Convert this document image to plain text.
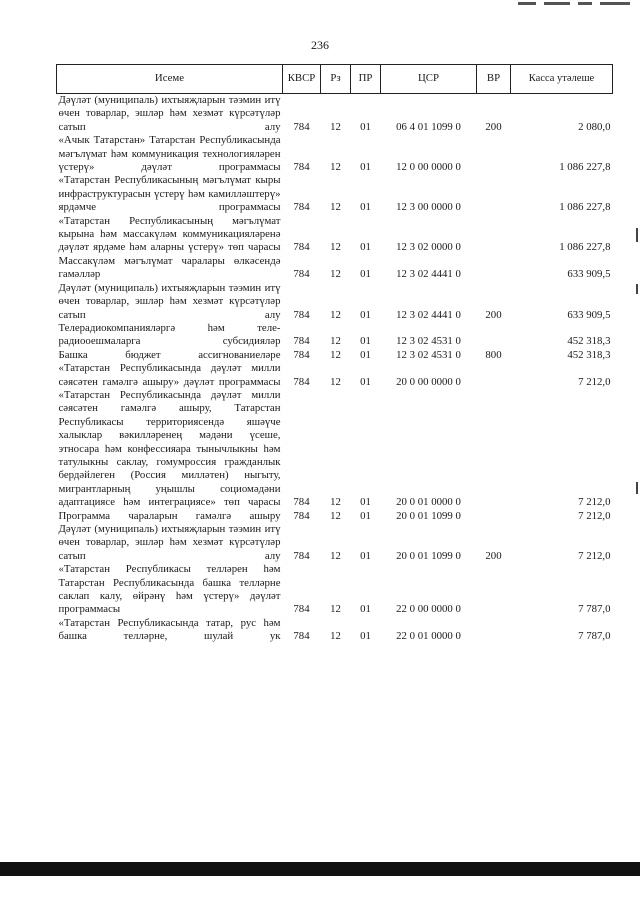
236
Исеме	КВСР	Рз	ПР	ЦСР	ВР	Касса утәлеше
Дәүләт (муниципаль) ихтыяҗларын тәэмин итү өчен товарлар, эшләр һәм хезмәт күрсәтүләр сатып алу	784	12	01	06 4 01 1099 0	200	2 080,0
«Ачык Татарстан» Татарстан Республикасында мәгълүмат һәм коммуникация технологияләрен үстерү» дәүләт программасы	784	12	01	12 0 00 0000 0		1 086 227,8
«Татарстан Республикасының мәгълүмат кыры инфраструктурасын үстерү һәм камилләштерү» ярдәмче программасы	784	12	01	12 3 00 0000 0		1 086 227,8
«Татарстан Республикасының мәгълүмат кырына һәм массакүләм коммуникацияләренә дәүләт ярдәме һәм аларны үстерү» төп чарасы	784	12	01	12 3 02 0000 0		1 086 227,8
Массакүләм мәгълүмат чаралары өлкәсендә гамәлләр	784	12	01	12 3 02 4441 0		633 909,5
Дәүләт (муниципаль) ихтыяҗларын тәэмин итү өчен товарлар, эшләр һәм хезмәт күрсәтүләр сатып алу	784	12	01	12 3 02 4441 0	200	633 909,5
Телерадиокомпанияләргә һәм теле-радиооешмаларга субсидияләр	784	12	01	12 3 02 4531 0		452 318,3
Башка бюджет ассигнованиеләре	784	12	01	12 3 02 4531 0	800	452 318,3
«Татарстан Республикасында дәүләт милли сәясәтен гамәлгә ашыру» дәүләт программасы	784	12	01	20 0 00 0000 0		7 212,0
«Татарстан Республикасында дәүләт милли сәясәтен гамәлгә ашыру, Татарстан Республикасы территориясендә яшәүче халыклар вәкилләренең мәдәни үсеше, этносара һәм конфессияара тынычлыкны һәм татулыкны саклау, гомумроссия гражданлык бердәйлеген (Россия милләтен) ныгыту, мигрантларның уңышлы социомәдәни адаптациясе һәм интеграциясе» төп чарасы	784	12	01	20 0 01 0000 0		7 212,0
Программа чараларын гамәлгә ашыру	784	12	01	20 0 01 1099 0		7 212,0
Дәүләт (муниципаль) ихтыяҗларын тәэмин итү өчен товарлар, эшләр һәм хезмәт күрсәтүләр сатып алу	784	12	01	20 0 01 1099 0	200	7 212,0
«Татарстан Республикасы телләрен һәм Татарстан Республикасында башка телләрне саклап калу, өйрәнү һәм үстерү» дәүләт программасы	784	12	01	22 0 00 0000 0		7 787,0
«Татарстан Республикасында татар, рус һәм башка телләрне, шулай ук	784	12	01	22 0 01 0000 0		7 787,0
